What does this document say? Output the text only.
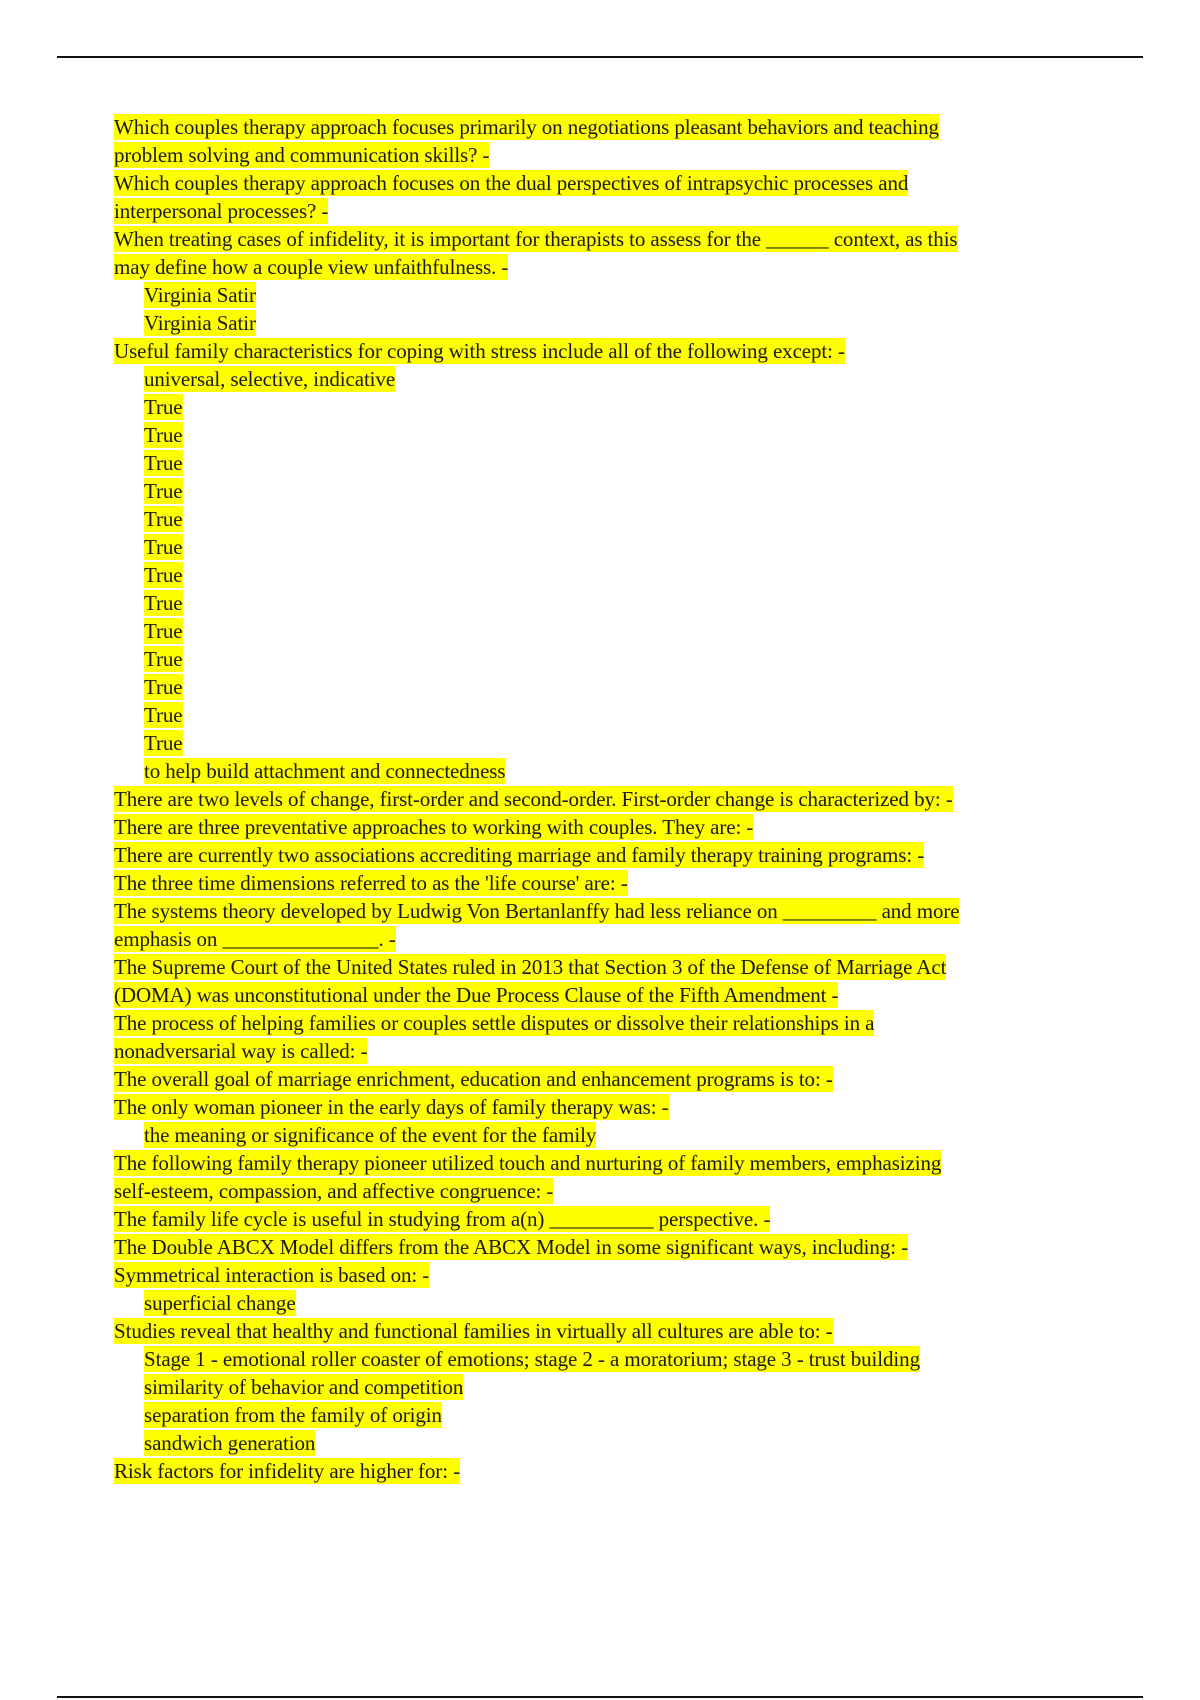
Which couples therapy approach focuses primarily on negotiations pleasant behaviors and teaching
problem solving and communication skills? -
Which couples therapy approach focuses on the dual perspectives of intrapsychic processes and
interpersonal processes? -
When treating cases of infidelity, it is important for therapists to assess for the ______ context, as this
may define how a couple view unfaithfulness. -
Virginia Satir
Virginia Satir
Useful family characteristics for coping with stress include all of the following except: -
universal, selective, indicative
True
True
True
True
True
True
True
True
True
True
True
True
True
to help build attachment and connectedness
There are two levels of change, first-order and second-order. First-order change is characterized by: -
There are three preventative approaches to working with couples. They are: -
There are currently two associations accrediting marriage and family therapy training programs: -
The three time dimensions referred to as the 'life course' are: -
The systems theory developed by Ludwig Von Bertanlanffy had less reliance on _________ and more
emphasis on _______________. -
The Supreme Court of the United States ruled in 2013 that Section 3 of the Defense of Marriage Act
(DOMA) was unconstitutional under the Due Process Clause of the Fifth Amendment -
The process of helping families or couples settle disputes or dissolve their relationships in a
nonadversarial way is called: -
The overall goal of marriage enrichment, education and enhancement programs is to: -
The only woman pioneer in the early days of family therapy was: -
the meaning or significance of the event for the family
The following family therapy pioneer utilized touch and nurturing of family members, emphasizing
self-esteem, compassion, and affective congruence: -
The family life cycle is useful in studying from a(n) __________ perspective. -
The Double ABCX Model differs from the ABCX Model in some significant ways, including: -
Symmetrical interaction is based on: -
superficial change
Studies reveal that healthy and functional families in virtually all cultures are able to: -
Stage 1 - emotional roller coaster of emotions; stage 2 - a moratorium; stage 3 - trust building
similarity of behavior and competition
separation from the family of origin
sandwich generation
Risk factors for infidelity are higher for: -
